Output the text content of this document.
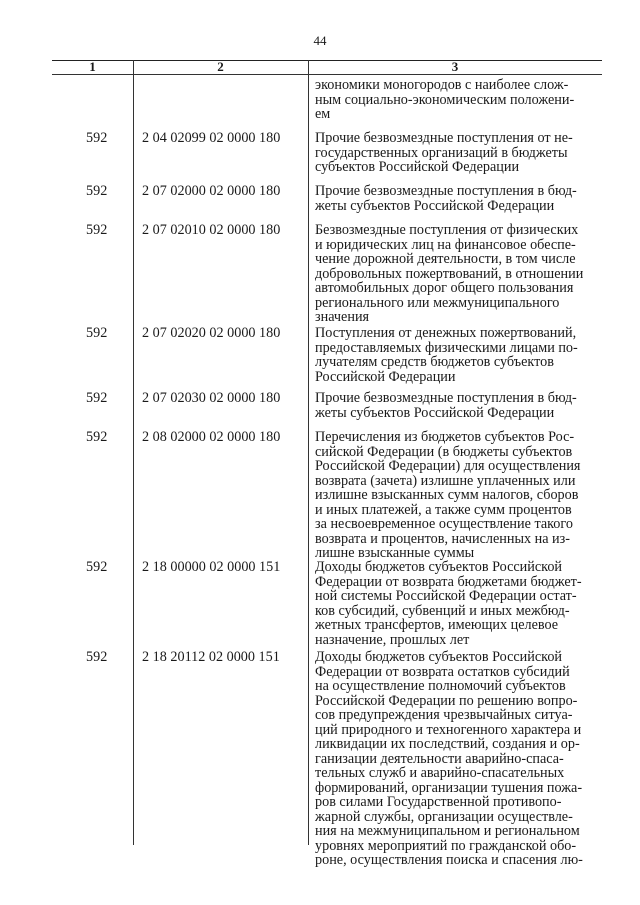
44
1	2	3
экономики моногородов с наиболее слож-
ным социально-экономическим положени-
ем
592 2 04 02099 02 0000 180 Прочие безвозмездные поступления от не-
государственных организаций в бюджеты
субъектов Российской Федерации
592 2 07 02000 02 0000 180 Прочие безвозмездные поступления в бюд-
жеты субъектов Российской Федерации
592 2 07 02010 02 0000 180 Безвозмездные поступления от физических
и юридических лиц на финансовое обеспе-
чение дорожной деятельности, в том числе
добровольных пожертвований, в отношении
автомобильных дорог общего пользования
регионального или межмуниципального
значения
592 2 07 02020 02 0000 180 Поступления от денежных пожертвований,
предоставляемых физическими лицами по-
лучателям средств бюджетов субъектов
Российской Федерации
592 2 07 02030 02 0000 180 Прочие безвозмездные поступления в бюд-
жеты субъектов Российской Федерации
592 2 08 02000 02 0000 180 Перечисления из бюджетов субъектов Рос-
сийской Федерации (в бюджеты субъектов
Российской Федерации) для осуществления
возврата (зачета) излишне уплаченных или
излишне взысканных сумм налогов, сборов
и иных платежей, а также сумм процентов
за несвоевременное осуществление такого
возврата и процентов, начисленных на из-
лишне взысканные суммы
592 2 18 00000 02 0000 151 Доходы бюджетов субъектов Российской
Федерации от возврата бюджетами бюджет-
ной системы Российской Федерации остат-
ков субсидий, субвенций и иных межбюд-
жетных трансфертов, имеющих целевое
назначение, прошлых лет
592 2 18 20112 02 0000 151 Доходы бюджетов субъектов Российской
Федерации от возврата остатков субсидий
на осуществление полномочий субъектов
Российской Федерации по решению вопро-
сов предупреждения чрезвычайных ситуа-
ций природного и техногенного характера и
ликвидации их последствий, создания и ор-
ганизации деятельности аварийно-спаса-
тельных служб и аварийно-спасательных
формирований, организации тушения пожа-
ров силами Государственной противопо-
жарной службы, организации осуществле-
ния на межмуниципальном и региональном
уровнях мероприятий по гражданской обо-
роне, осуществления поиска и спасения лю-
